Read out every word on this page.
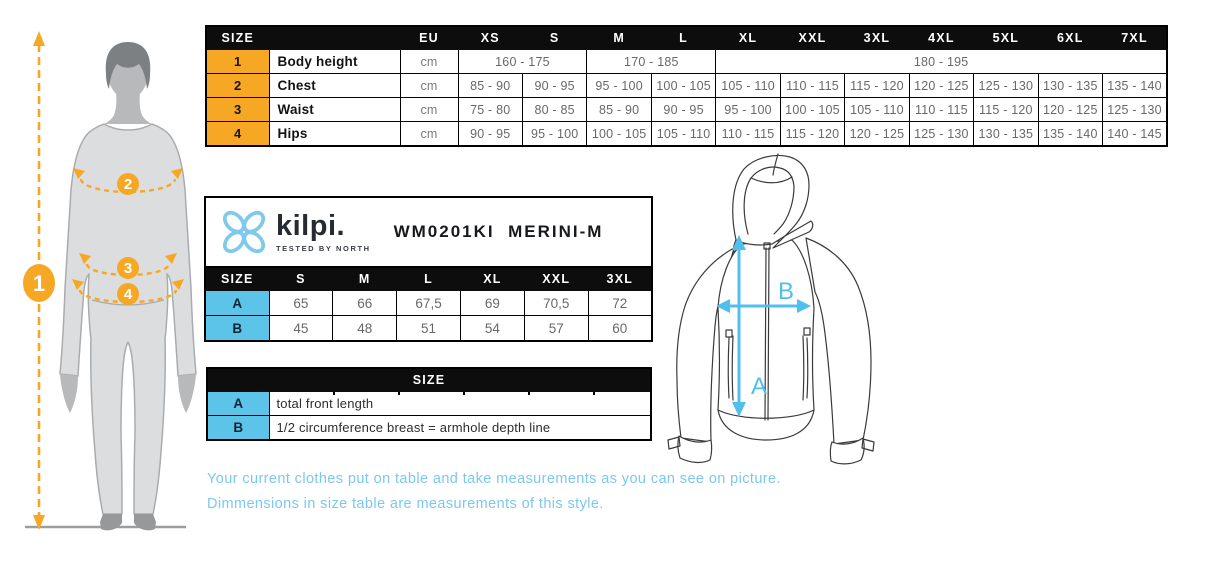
1
2
3
4
SIZE		EU	XS	S	M	L	XL	XXL	3XL	4XL	5XL	6XL	7XL
1	Body height	cm	160 - 175		170 - 185		180 - 195						
2	Chest	cm	85 - 90	90 - 95	95 - 100	100 - 105	105 - 110	110 - 115	115 - 120	120 - 125	125 - 130	130 - 135	135 - 140
3	Waist	cm	75 - 80	80 - 85	85 - 90	90 - 95	95 - 100	100 - 105	105 - 110	110 - 115	115 - 120	120 - 125	125 - 130
4	Hips	cm	90 - 95	95 - 100	100 - 105	105 - 110	110 - 115	115 - 120	120 - 125	125 - 130	130 - 135	135 - 140	140 - 145
kilpi.
TESTED BY NORTH
WM0201KI  MERINI-M
SIZE	S	M	L	XL	XXL	3XL
A	65	66	67,5	69	70,5	72
B	45	48	51	54	57	60
SIZE	
A	total front length
B	1/2 circumference breast = armhole depth line
A
B
Your current clothes put on table and take measurements as you can see on picture.
Dimmensions in size table are measurements of this style.
